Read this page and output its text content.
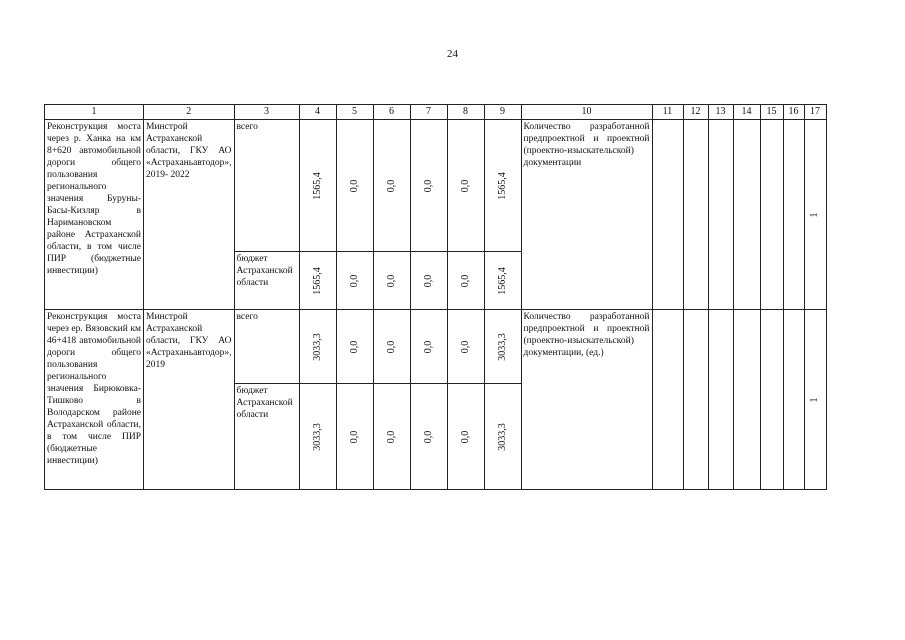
24
1	2	3	4	5	6	7	8	9	10	11	12	13	14	15	16	17
Реконструкция моста через р. Ханка на км 8+620 автомобильной дороги общего пользования регионального значения Буруны-Басы-Кизляр в Наримановском районе Астраханской области, в том числе ПИР (бюджетные инвестиции)	Минстрой Астраханской области, ГКУ АО «Астраханьавтодор», 2019- 2022	всего	1565,4	0,0	0,0	0,0	0,0	1565,4	Количество разработанной предпроектной и проектной (проектно-изыскательской) документации							1

		бюджет Астраханской области	1565,4	0,0	0,0	0,0	0,0	1565,4								

Реконструкция моста через ер. Вязовский км 46+418 автомобильной дороги общего пользования регионального значения Бирюковка-Тишково в Володарском районе Астраханской области, в том числе ПИР (бюджетные инвестиции)	Минстрой Астраханской области, ГКУ АО «Астраханьавтодор», 2019	всего	3033,3	0,0	0,0	0,0	0,0	3033,3	Количество разработанной предпроектной и проектной (проектно-изыскательской) документации, (ед.)							1

		бюджет Астраханской области	3033,3	0,0	0,0	0,0	0,0	3033,3								
